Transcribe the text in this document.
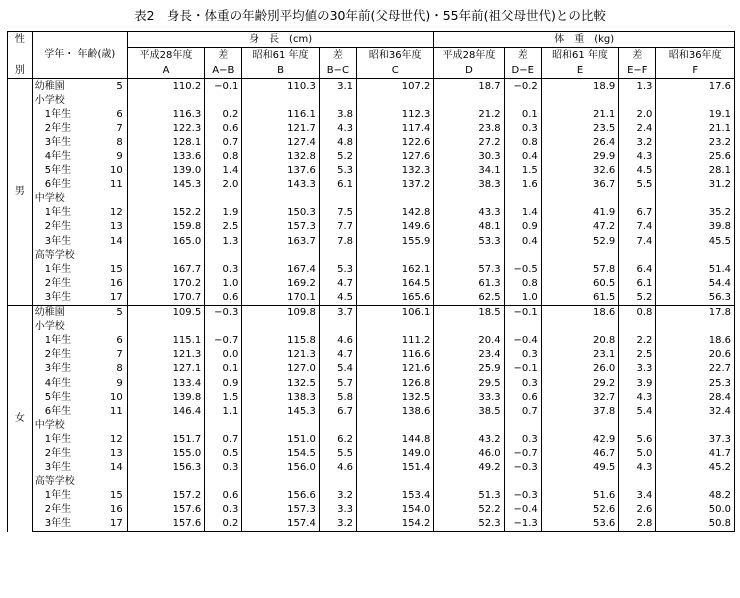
表2　身長・体重の年齢別平均値の30年前(父母世代)・55年前(祖父母世代)との比較
性			身　長　(cm)					体　重　(kg)				
別	学年・ 年齢(歳)		平成28年度	差	昭和61 年度	差	昭和36年度	平成28年度	差	昭和61 年度	差	昭和36年度
			A	A−B	B	B−C	C	D	D−E	E	E−F	F
男	幼稚園	5	110.2	−0.1	110.3	3.1	107.2	18.7	−0.2	18.9	1.3	17.6
	小学校											
	1年生	6	116.3	0.2	116.1	3.8	112.3	21.2	0.1	21.1	2.0	19.1
	2年生	7	122.3	0.6	121.7	4.3	117.4	23.8	0.3	23.5	2.4	21.1
	3年生	8	128.1	0.7	127.4	4.8	122.6	27.2	0.8	26.4	3.2	23.2
	4年生	9	133.6	0.8	132.8	5.2	127.6	30.3	0.4	29.9	4.3	25.6
	5年生	10	139.0	1.4	137.6	5.3	132.3	34.1	1.5	32.6	4.5	28.1
	6年生	11	145.3	2.0	143.3	6.1	137.2	38.3	1.6	36.7	5.5	31.2
	中学校											
	1年生	12	152.2	1.9	150.3	7.5	142.8	43.3	1.4	41.9	6.7	35.2
	2年生	13	159.8	2.5	157.3	7.7	149.6	48.1	0.9	47.2	7.4	39.8
	3年生	14	165.0	1.3	163.7	7.8	155.9	53.3	0.4	52.9	7.4	45.5
	高等学校											
	1年生	15	167.7	0.3	167.4	5.3	162.1	57.3	−0.5	57.8	6.4	51.4
	2年生	16	170.2	1.0	169.2	4.7	164.5	61.3	0.8	60.5	6.1	54.4
	3年生	17	170.7	0.6	170.1	4.5	165.6	62.5	1.0	61.5	5.2	56.3
女	幼稚園	5	109.5	−0.3	109.8	3.7	106.1	18.5	−0.1	18.6	0.8	17.8
	小学校											
	1年生	6	115.1	−0.7	115.8	4.6	111.2	20.4	−0.4	20.8	2.2	18.6
	2年生	7	121.3	0.0	121.3	4.7	116.6	23.4	0.3	23.1	2.5	20.6
	3年生	8	127.1	0.1	127.0	5.4	121.6	25.9	−0.1	26.0	3.3	22.7
	4年生	9	133.4	0.9	132.5	5.7	126.8	29.5	0.3	29.2	3.9	25.3
	5年生	10	139.8	1.5	138.3	5.8	132.5	33.3	0.6	32.7	4.3	28.4
	6年生	11	146.4	1.1	145.3	6.7	138.6	38.5	0.7	37.8	5.4	32.4
	中学校											
	1年生	12	151.7	0.7	151.0	6.2	144.8	43.2	0.3	42.9	5.6	37.3
	2年生	13	155.0	0.5	154.5	5.5	149.0	46.0	−0.7	46.7	5.0	41.7
	3年生	14	156.3	0.3	156.0	4.6	151.4	49.2	−0.3	49.5	4.3	45.2
	高等学校											
	1年生	15	157.2	0.6	156.6	3.2	153.4	51.3	−0.3	51.6	3.4	48.2
	2年生	16	157.6	0.3	157.3	3.3	154.0	52.2	−0.4	52.6	2.6	50.0
	3年生	17	157.6	0.2	157.4	3.2	154.2	52.3	−1.3	53.6	2.8	50.8
